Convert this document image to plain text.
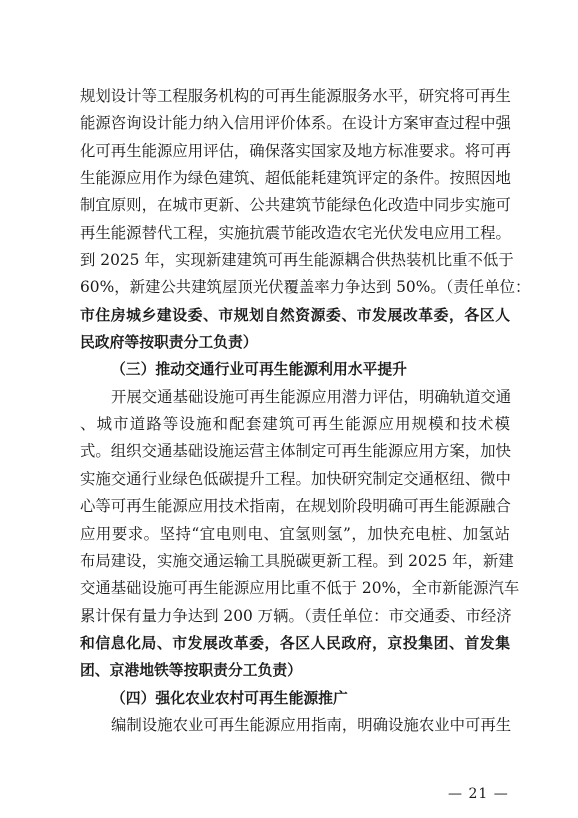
规划设计等工程服务机构的可再生能源服务水平，研究将可再生
能源咨询设计能力纳入信用评价体系。在设计方案审查过程中强
化可再生能源应用评估，确保落实国家及地方标准要求。将可再
生能源应用作为绿色建筑、超低能耗建筑评定的条件。按照因地
制宜原则，在城市更新、公共建筑节能绿色化改造中同步实施可
再生能源替代工程，实施抗震节能改造农宅光伏发电应用工程。
到 2025 年，实现新建建筑可再生能源耦合供热装机比重不低于
60%，新建公共建筑屋顶光伏覆盖率力争达到 50%。（责任单位：
市住房城乡建设委、市规划自然资源委、市发展改革委，各区人
民政府等按职责分工负责）
（三）推动交通行业可再生能源利用水平提升
开展交通基础设施可再生能源应用潜力评估，明确轨道交通
、城市道路等设施和配套建筑可再生能源应用规模和技术模
式。组织交通基础设施运营主体制定可再生能源应用方案，加快
实施交通行业绿色低碳提升工程。加快研究制定交通枢纽、微中
心等可再生能源应用技术指南，在规划阶段明确可再生能源融合
应用要求。坚持“宜电则电、宜氢则氢”，加快充电桩、加氢站
布局建设，实施交通运输工具脱碳更新工程。到 2025 年，新建
交通基础设施可再生能源应用比重不低于 20%，全市新能源汽车
累计保有量力争达到 200 万辆。（责任单位：市交通委、市经济
和信息化局、市发展改革委，各区人民政府，京投集团、首发集
团、京港地铁等按职责分工负责）
（四）强化农业农村可再生能源推广
编制设施农业可再生能源应用指南，明确设施农业中可再生
— 21 —
